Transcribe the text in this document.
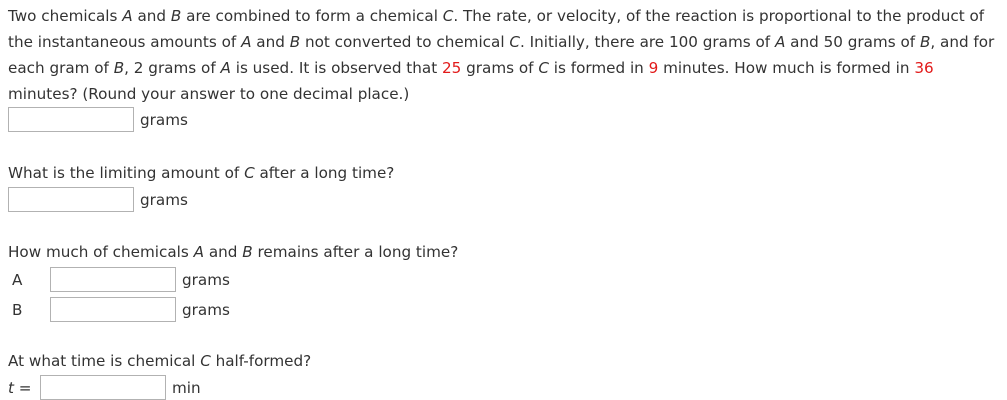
Two chemicals A and B are combined to form a chemical C. The rate, or velocity, of the reaction is proportional to the product of the instantaneous amounts of A and B not converted to chemical C. Initially, there are 100 grams of A and 50 grams of B, and for each gram of B, 2 grams of A is used. It is observed that 25 grams of C is formed in 9 minutes. How much is formed in 36 minutes? (Round your answer to one decimal place.)

grams

What is the limiting amount of C after a long time?

grams

How much of chemicals A and B remains after a long time?

A	grams
B	grams

At what time is chemical C half-formed?

t =	min
